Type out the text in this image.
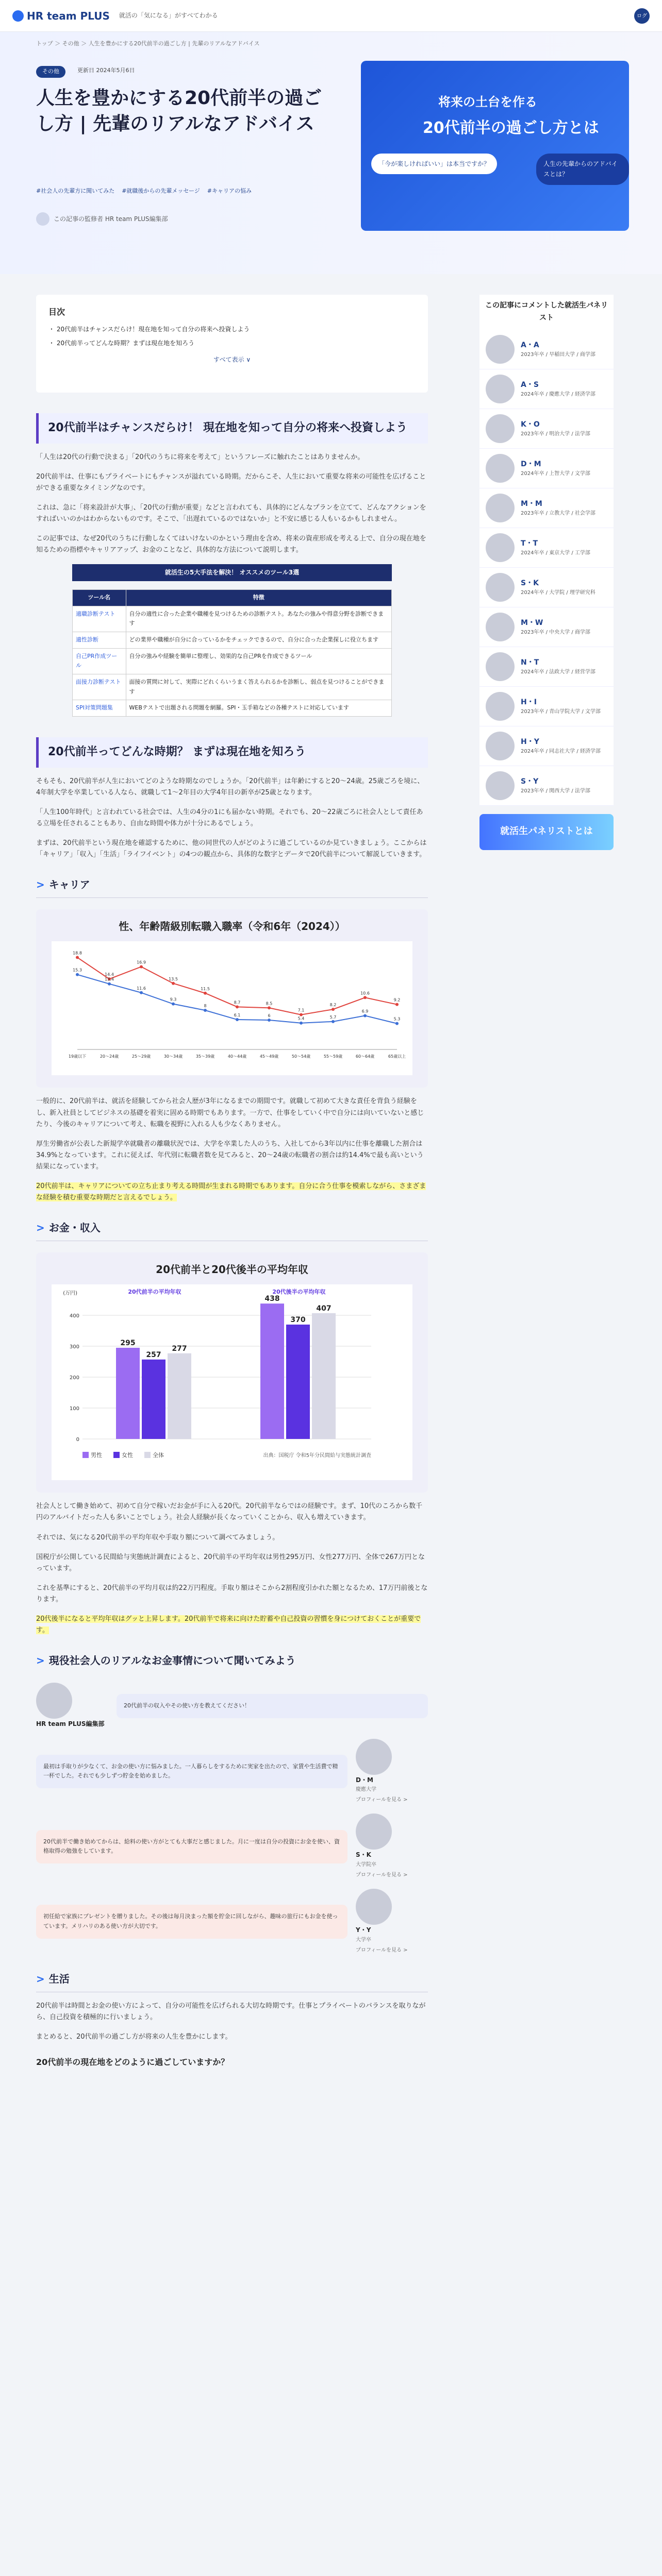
HR team PLUS 就活の「気になる」がすべてわかる	ログ
トップ ＞ その他 ＞ 人生を豊かにする20代前半の過ごし方 | 先輩のリアルなアドバイス
その他	更新日 2024年5月6日
人生を豊かにする20代前半の過ごし方 | 先輩のリアルなアドバイス
#社会人の先輩方に聞いてみた #就職後からの先輩メッセージ #キャリアの悩み
この記事の監修者 HR team PLUS編集部
将来の土台を作る
20代前半の過ごし方とは
「今が楽しければいい」は本当ですか？	人生の先輩からのアドバイスとは？
目次
・ 20代前半はチャンスだらけ！現在地を知って自分の将来へ投資しよう
・ 20代前半ってどんな時期？まずは現在地を知ろう
すべて表示 ∨
20代前半はチャンスだらけ！ 現在地を知って自分の将来へ投資しよう

「人生は20代の行動で決まる」「20代のうちに将来を考えて」というフレーズに触れたことはありませんか。

20代前半は、仕事にもプライベートにもチャンスが溢れている時期。だからこそ、人生において重要な将来の可能性を広げることができる重要なタイミングなのです。

これは、急に「将来設計が大事」、「20代の行動が重要」などと言われても、具体的にどんなプランを立てて、どんなアクションをすればいいのかはわからないものです。そこで、「出遅れているのではないか」と不安に感じる人もいるかもしれません。

この記事では、なぜ20代のうちに行動しなくてはいけないのかという理由を含め、将来の資産形成を考える上で、自分の現在地を知るための指標やキャリアアップ、お金のことなど、具体的な方法について説明します。

就活生の5大手法を解決！ オススメのツール3選
ツール名	特徴
適職診断テスト	自分の適性に合った企業や職種を見つけるための診断テスト。あなたの強みや得意分野を診断できます
適性診断	どの業界や職種が自分に合っているかをチェックできるので、自分に合った企業探しに役立ちます
自己PR作成ツール	自分の強みや経験を簡単に整理し、効果的な自己PRを作成できるツール
面接力診断テスト	面接の質問に対して、実際にどれくらいうまく答えられるかを診断し、弱点を見つけることができます
SPI対策問題集	WEBテストで出題される問題を網羅。SPI・玉手箱などの各種テストに対応しています
20代前半ってどんな時期？ まずは現在地を知ろう

そもそも、20代前半が人生においてどのような時期なのでしょうか。「20代前半」は年齢にすると20〜24歳。25歳ごろを境に、4年制大学を卒業している人なら、就職して1〜2年目の大学4年目の新卒が25歳となります。

「人生100年時代」と言われている社会では、人生の4分の1にも届かない時期。それでも、20〜22歳ごろに社会人として責任ある立場を任されることもあり、自由な時間や体力が十分にあるでしょう。

まずは、20代前半という現在地を確認するために、他の同世代の人がどのように過ごしているのか見ていきましょう。ここからは「キャリア」「収入」「生活」「ライフイベント」の4つの観点から、具体的な数字とデータで20代前半について解説していきます。

> キャリア
性、年齢階級別転職入職率（令和6年（2024））
19歳以下	20〜24歳	25〜29歳	30〜34歳	35〜39歳	40〜44歳	45〜49歳	50〜54歳	55〜59歳	60〜64歳	65歳以上
18.8
14.4
16.9
13.5
11.5
8.7	8.5
7.1
8.2
10.6
9.2
15.3
13.4
11.6
9.3
8
6.1	6
5.4	5.7
6.9
5.3

一般的に、20代前半は、就活を経験してから社会人歴が3年になるまでの期間です。就職して初めて大きな責任を背負う経験をし、新入社員としてビジネスの基礎を着実に固める時期でもあります。一方で、仕事をしていく中で自分には向いていないと感じたり、今後のキャリアについて考え、転職を視野に入れる人も少なくありません。

厚生労働省が公表した新規学卒就職者の離職状況では、大学を卒業した人のうち、入社してから3年以内に仕事を離職した割合は34.9%となっています。これに従えば、年代別に転職者数を見てみると、20〜24歳の転職者の割合は約14.4%で最も高いという結果になっています。

20代前半は、キャリアについての立ち止まり考える時間が生まれる時期でもあります。自分に合う仕事を模索しながら、さまざまな経験を積む重要な時期だと言えるでしょう。

> お金・収入
20代前半と20代後半の平均年収
(万円)
0
100
200
300
400
20代前半の平均年収
295
257
277
20代後半の平均年収
438
370
407
男性	女性	全体	出典：国税庁 令和5年分民間給与実態統計調査

社会人として働き始めて、初めて自分で稼いだお金が手に入る20代。20代前半ならではの経験です。まず、10代のころから数千円のアルバイトだった人も多いことでしょう。社会人経験が長くなっていくことから、収入も増えていきます。

それでは、気になる20代前半の平均年収や手取り額について調べてみましょう。

国税庁が公開している民間給与実態統計調査によると、20代前半の平均年収は男性295万円、女性277万円、全体で267万円となっています。

これを基準にすると、20代前半の平均月収は約22万円程度。手取り額はそこから2割程度引かれた額となるため、17万円前後となります。

20代後半になると平均年収はグッと上昇します。20代前半で将来に向けた貯蓄や自己投資の習慣を身につけておくことが重要です。

> 現役社会人のリアルなお金事情について聞いてみよう
HR team PLUS編集部
20代前半の収入やその使い方を教えてください！
最初は手取りが少なくて、お金の使い方に悩みました。一人暮らしをするために実家を出たので、家賃や生活費で精一杯でした。それでも少しずつ貯金を始めました。
D・M
慶應大学
プロフィールを見る >
20代前半で働き始めてからは、給料の使い方がとても大事だと感じました。月に一度は自分の投資にお金を使い、資格取得の勉強をしています。
S・K
大学院卒
プロフィールを見る >
初任給で家族にプレゼントを贈りました。その後は毎月決まった額を貯金に回しながら、趣味の旅行にもお金を使っています。メリハリのある使い方が大切です。
Y・Y
大学卒
プロフィールを見る >
> 生活

20代前半は時間とお金の使い方によって、自分の可能性を広げられる大切な時期です。仕事とプライベートのバランスを取りながら、自己投資を積極的に行いましょう。

まとめると、20代前半の過ごし方が将来の人生を豊かにします。

20代前半の現在地をどのように過ごしていますか？
この記事にコメントした就活生パネリスト
A・A
2023年卒 / 早稲田大学 / 商学部
A・S
2024年卒 / 慶應大学 / 経済学部
K・O
2023年卒 / 明治大学 / 法学部
D・M
2024年卒 / 上智大学 / 文学部
M・M
2023年卒 / 立教大学 / 社会学部
T・T
2024年卒 / 東京大学 / 工学部
S・K
2024年卒 / 大学院 / 理学研究科
M・W
2023年卒 / 中央大学 / 商学部
N・T
2024年卒 / 法政大学 / 経営学部
H・I
2023年卒 / 青山学院大学 / 文学部
H・Y
2024年卒 / 同志社大学 / 経済学部
S・Y
2023年卒 / 関西大学 / 法学部
就活生パネリストとは
